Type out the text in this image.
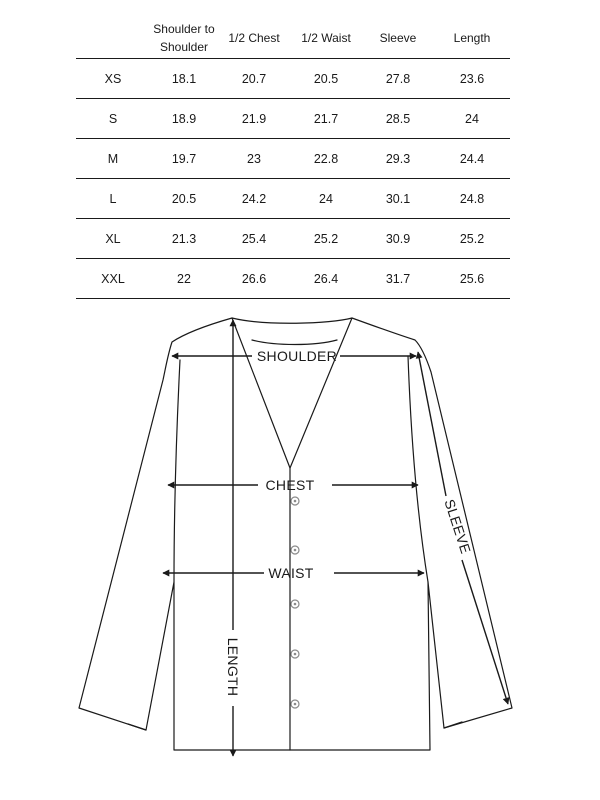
	Shoulder to Shoulder	1/2 Chest	1/2 Waist	Sleeve	Length
XS	18.1	20.7	20.5	27.8	23.6
S	18.9	21.9	21.7	28.5	24
M	19.7	23	22.8	29.3	24.4
L	20.5	24.2	24	30.1	24.8
XL	21.3	25.4	25.2	30.9	25.2
XXL	22	26.6	26.4	31.7	25.6
SHOULDER
CHEST
WAIST
LENGTH
SLEEVE
